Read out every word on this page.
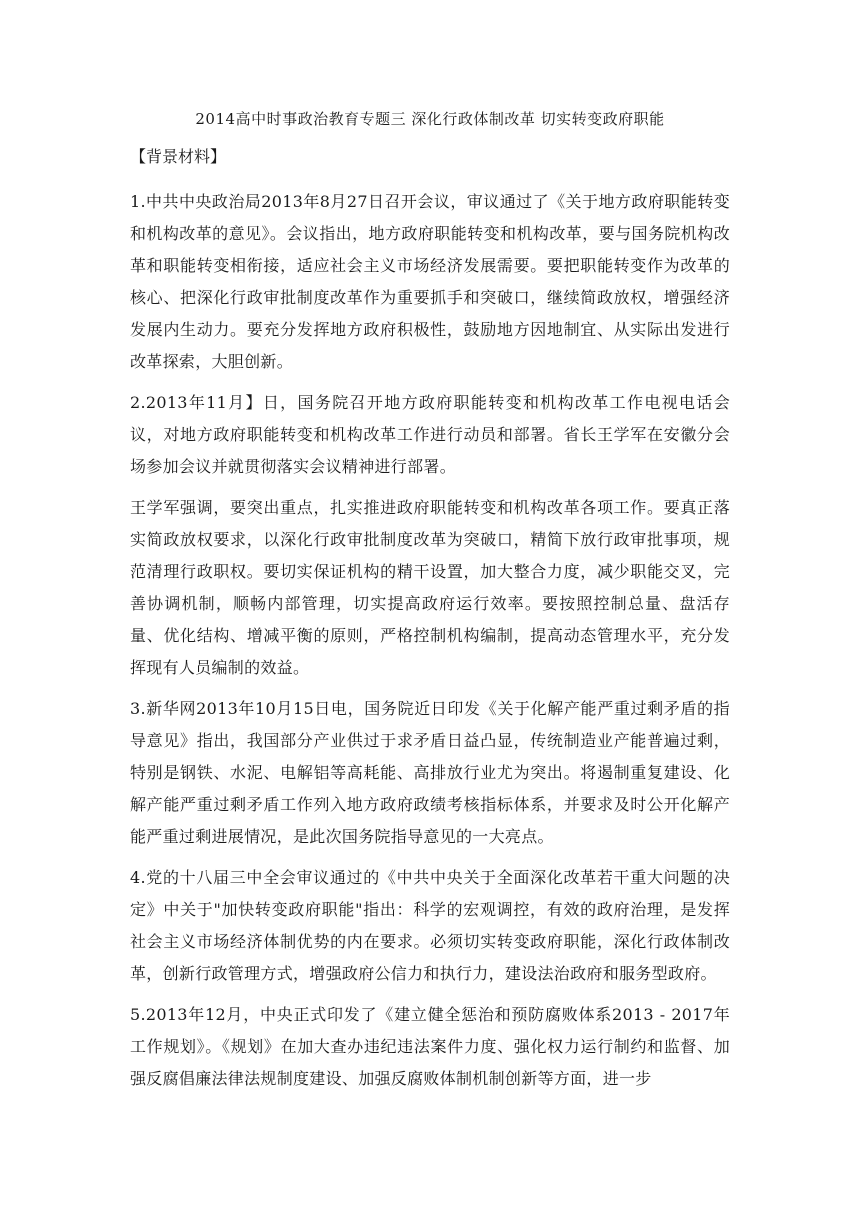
2014高中时事政治教育专题三 深化行政体制改革 切实转变政府职能
【背景材料】

1.中共中央政治局2013年8月27日召开会议，审议通过了《关于地方政府职能转变和机构改革的意见》。会议指出，地方政府职能转变和机构改革，要与国务院机构改革和职能转变相衔接，适应社会主义市场经济发展需要。要把职能转变作为改革的核心、把深化行政审批制度改革作为重要抓手和突破口，继续简政放权，增强经济发展内生动力。要充分发挥地方政府积极性，鼓励地方因地制宜、从实际出发进行改革探索，大胆创新。

2.2013年11月】日，国务院召开地方政府职能转变和机构改革工作电视电话会议，对地方政府职能转变和机构改革工作进行动员和部署。省长王学军在安徽分会场参加会议并就贯彻落实会议精神进行部署。

王学军强调，要突出重点，扎实推进政府职能转变和机构改革各项工作。要真正落实简政放权要求，以深化行政审批制度改革为突破口，精简下放行政审批事项，规范清理行政职权。要切实保证机构的精干设置，加大整合力度，减少职能交叉，完善协调机制，顺畅内部管理，切实提高政府运行效率。要按照控制总量、盘活存量、优化结构、增减平衡的原则，严格控制机构编制，提高动态管理水平，充分发挥现有人员编制的效益。

3.新华网2013年10月15日电，国务院近日印发《关于化解产能严重过剩矛盾的指导意见》指出，我国部分产业供过于求矛盾日益凸显，传统制造业产能普遍过剩，特别是钢铁、水泥、电解铝等高耗能、高排放行业尤为突出。将遏制重复建设、化解产能严重过剩矛盾工作列入地方政府政绩考核指标体系，并要求及时公开化解产能严重过剩进展情况，是此次国务院指导意见的一大亮点。

4.党的十八届三中全会审议通过的《中共中央关于全面深化改革若干重大问题的决定》中关于"加快转变政府职能"指出：科学的宏观调控，有效的政府治理，是发挥社会主义市场经济体制优势的内在要求。必须切实转变政府职能，深化行政体制改革，创新行政管理方式，增强政府公信力和执行力，建设法治政府和服务型政府。

5.2013年12月，中央正式印发了《建立健全惩治和预防腐败体系2013 - 2017年工作规划》。《规划》在加大查办违纪违法案件力度、强化权力运行制约和监督、加强反腐倡廉法律法规制度建设、加强反腐败体制机制创新等方面，进一步
